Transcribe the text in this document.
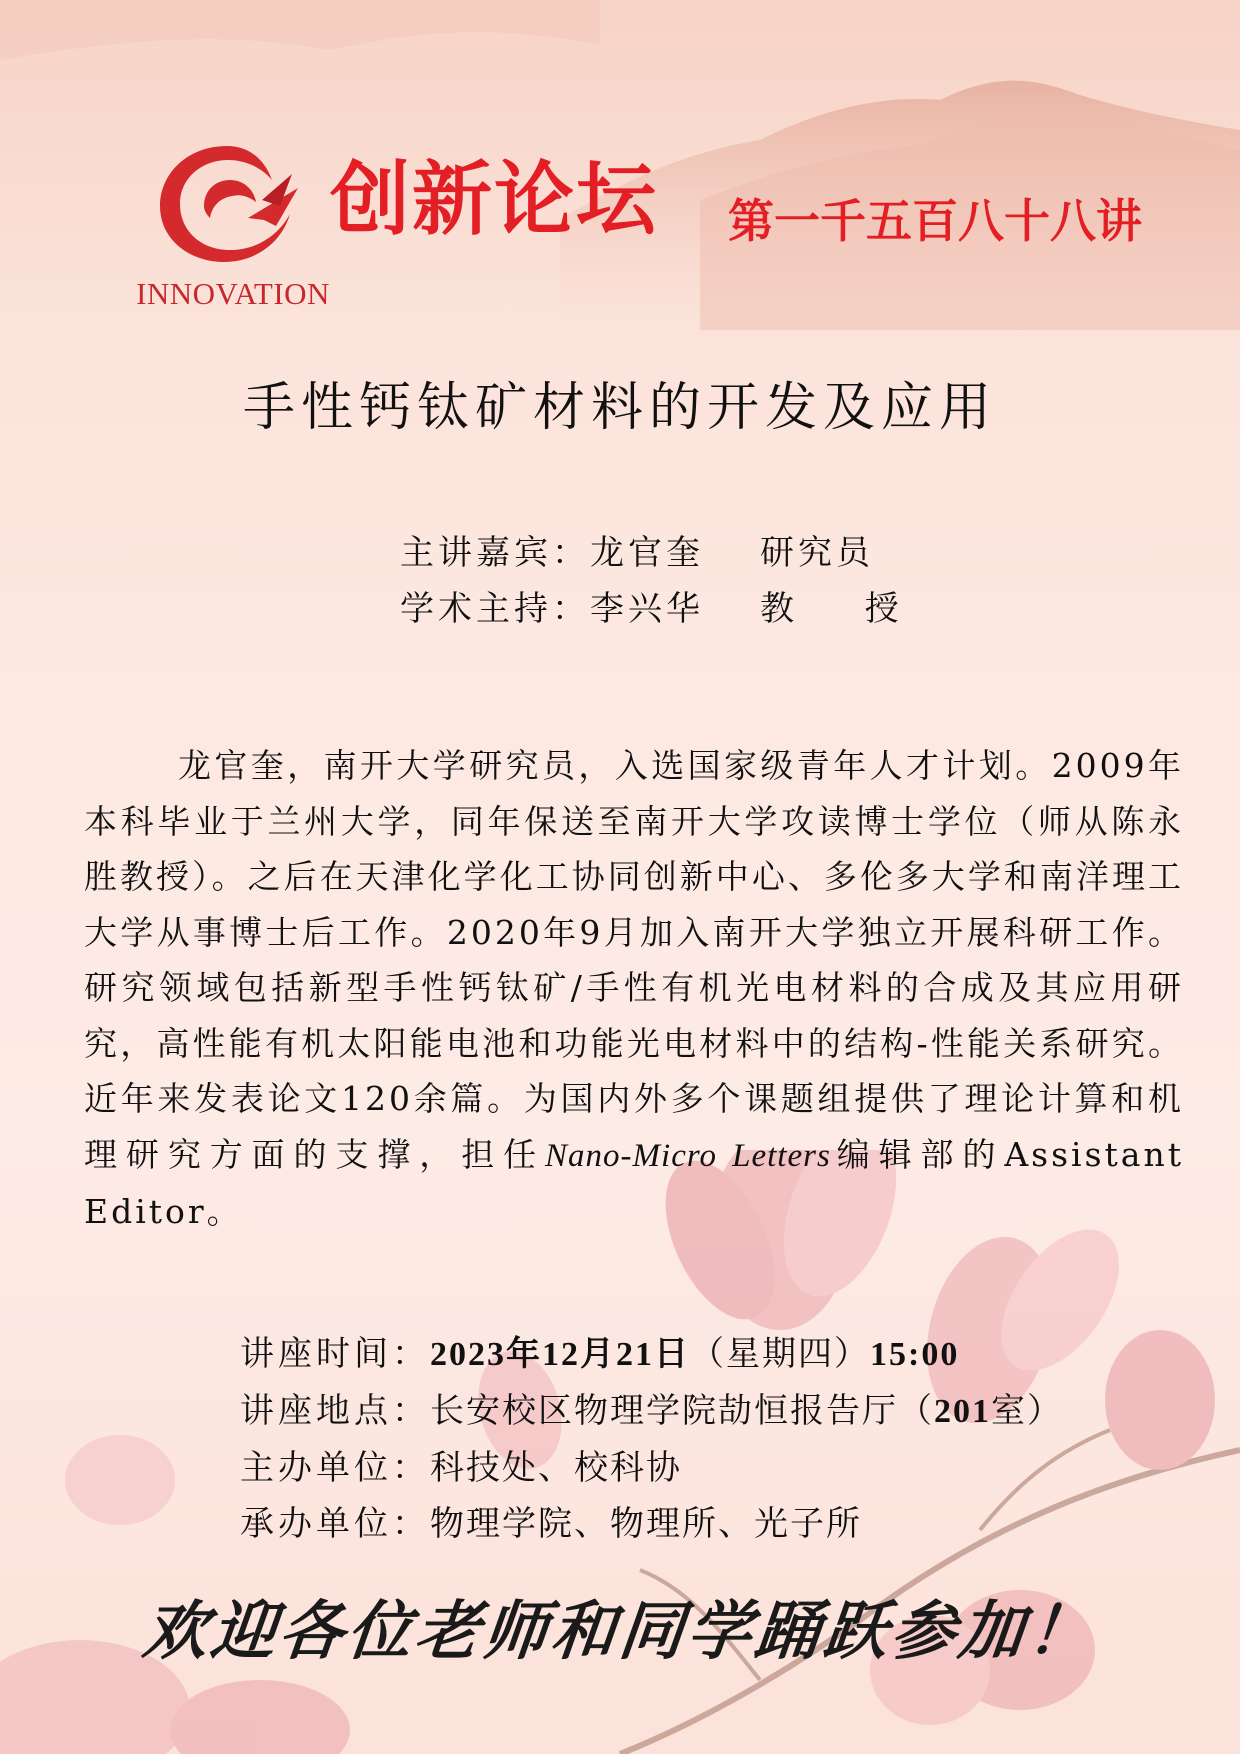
INNOVATION
创新论坛 第一千五百八十八讲
手性钙钛矿材料的开发及应用
主讲嘉宾： 龙官奎	研究员
学术主持： 李兴华	教 授

龙官奎，南开大学研究员，入选国家级青年人才计划。2009年本科毕业于兰州大学，同年保送至南开大学攻读博士学位（师从陈永胜教授）。之后在天津化学化工协同创新中心、多伦多大学和南洋理工大学从事博士后工作。2020年9月加入南开大学独立开展科研工作。研究领域包括新型手性钙钛矿/手性有机光电材料的合成及其应用研究，高性能有机太阳能电池和功能光电材料中的结构-性能关系研究。近年来发表论文120余篇。为国内外多个课题组提供了理论计算和机理研究方面的支撑，担任Nano-Micro Letters编辑部的Assistant Editor。

讲座时间： 2023年12月21日（星期四）15:00
讲座地点： 长安校区物理学院劼恒报告厅（201室）
主办单位： 科技处、校科协
承办单位： 物理学院、物理所、光子所
欢迎各位老师和同学踊跃参加！
